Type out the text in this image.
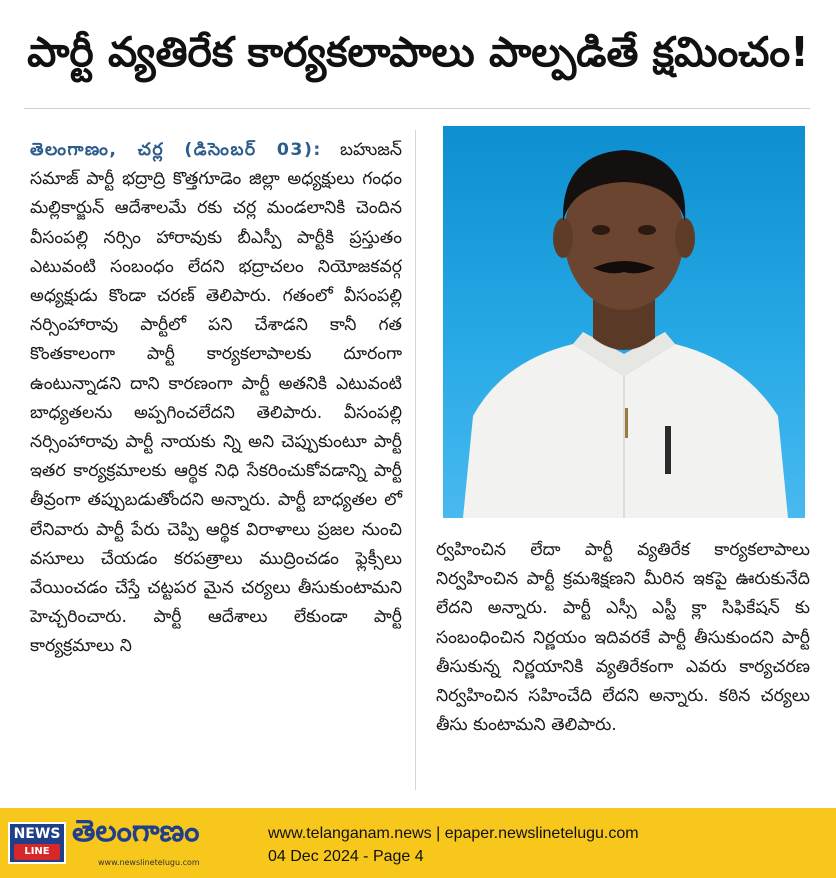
పార్టీ వ్యతిరేక కార్యకలాపాలు పాల్పడితే క్షమించం!

తెలంగాణం, చర్ల (డిసెంబర్ 03): బహుజన్ సమాజ్ పార్టీ భద్రాద్రి కొత్తగూడెం జిల్లా అధ్యక్షులు గంధం మల్లికార్జున్ ఆదేశాలమే రకు చర్ల మండలానికి చెందిన వీసంపల్లి నర్సిం హారావుకు బీఎస్పీ పార్టీకి ప్రస్తుతం ఎటువంటి సంబంధం లేదని భద్రాచలం నియోజకవర్గ అధ్యక్షుడు కొండా చరణ్ తెలిపారు. గతంలో వీసంపల్లి నర్సింహారావు పార్టీలో పని చేశాడని కానీ గత కొంతకాలంగా పార్టీ కార్యకలాపాలకు దూరంగా ఉంటున్నాడని దాని కారణంగా పార్టీ అతనికి ఎటువంటి బాధ్యతలను అప్పగించలేదని తెలిపారు. వీసంపల్లి నర్సింహారావు పార్టీ నాయకు న్ని అని చెప్పుకుంటూ పార్టీ ఇతర కార్యక్రమాలకు ఆర్థిక నిధి సేకరించుకోవడాన్ని పార్టీ తీవ్రంగా తప్పుబడుతోందని అన్నారు. పార్టీ బాధ్యతల లో లేనివారు పార్టీ పేరు చెప్పి ఆర్థిక విరాళాలు ప్రజల నుంచి వసూలు చేయడం కరపత్రాలు ముద్రించడం ఫ్లెక్సీలు వేయించడం చేస్తే చట్టపర మైన చర్యలు తీసుకుంటామని హెచ్చరించారు. పార్టీ ఆదేశాలు లేకుండా పార్టీ కార్యక్రమాలు ని

ర్వహించిన లేదా పార్టీ వ్యతిరేక కార్యకలాపాలు నిర్వహించిన పార్టీ క్రమశిక్షణని మీరిన ఇకపై ఊరుకునేది లేదని అన్నారు. పార్టీ ఎస్సీ ఎస్టీ క్లా సిఫికేషన్ కు సంబంధించిన నిర్ణయం ఇదివరకే పార్టీ తీసుకుందని పార్టీ తీసుకున్న నిర్ణయానికి వ్యతిరేకంగా ఎవరు కార్యచరణ నిర్వహించిన సహించేది లేదని అన్నారు. కఠిన చర్యలు తీసు కుంటామని తెలిపారు.

NEWS
LINE
తెలంగాణం
www.newslinetelugu.com
www.telanganam.news | epaper.newslinetelugu.com
04 Dec 2024 - Page 4
